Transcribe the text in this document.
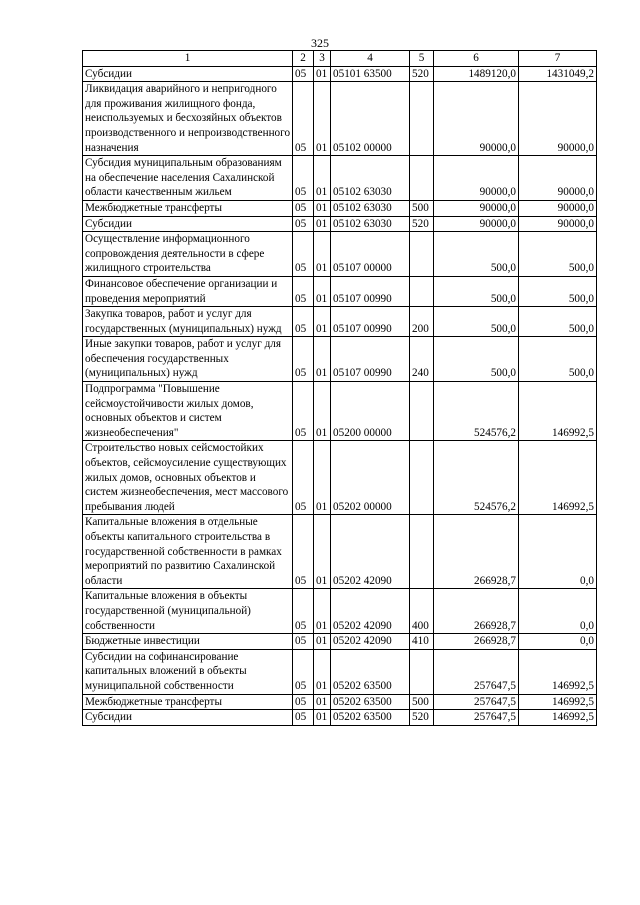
325
1	2	3	4	5	6	7
Субсидии	05	01	05101 63500	520	1489120,0	1431049,2
Ликвидация аварийного и непригодного для проживания жилищного фонда, неиспользуемых и бесхозяйных объектов производственного и непроизводственного назначения	05	01	05102 00000		90000,0	90000,0
Субсидия муниципальным образованиям на обеспечение населения Сахалинской области качественным жильем	05	01	05102 63030		90000,0	90000,0
Межбюджетные трансферты	05	01	05102 63030	500	90000,0	90000,0
Субсидии	05	01	05102 63030	520	90000,0	90000,0
Осуществление информационного сопровождения деятельности в сфере жилищного строительства	05	01	05107 00000		500,0	500,0
Финансовое обеспечение организации и проведения мероприятий	05	01	05107 00990		500,0	500,0
Закупка товаров, работ и услуг для государственных (муниципальных) нужд	05	01	05107 00990	200	500,0	500,0
Иные закупки товаров, работ и услуг для обеспечения государственных (муниципальных) нужд	05	01	05107 00990	240	500,0	500,0
Подпрограмма "Повышение сейсмоустойчивости жилых домов, основных объектов и систем жизнеобеспечения"	05	01	05200 00000		524576,2	146992,5
Строительство новых сейсмостойких объектов, сейсмоусиление существующих жилых домов, основных объектов и систем жизнеобеспечения, мест массового пребывания людей	05	01	05202 00000		524576,2	146992,5
Капитальные вложения в отдельные объекты капитального строительства в государственной собственности в рамках мероприятий по развитию Сахалинской области	05	01	05202 42090		266928,7	0,0
Капитальные вложения в объекты государственной (муниципальной) собственности	05	01	05202 42090	400	266928,7	0,0
Бюджетные инвестиции	05	01	05202 42090	410	266928,7	0,0
Субсидии на софинансирование капитальных вложений в объекты муниципальной собственности	05	01	05202 63500		257647,5	146992,5
Межбюджетные трансферты	05	01	05202 63500	500	257647,5	146992,5
Субсидии	05	01	05202 63500	520	257647,5	146992,5
